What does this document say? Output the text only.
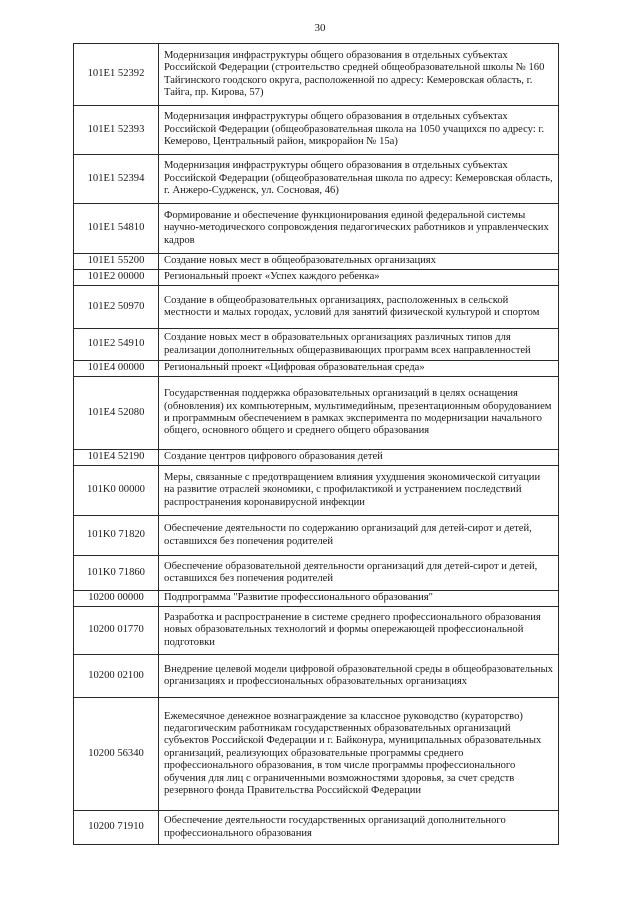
30
101E1 52392	Модернизация инфраструктуры общего образования в отдельных субъектах Российской Федерации (строительство средней общеобразовательной школы № 160 Тайгинского гоодского округа, расположенной по адресу: Кемеровская область, г. Тайга, пр. Кирова, 57)
101E1 52393	Модернизация инфраструктуры общего образования в отдельных субъектах Российской Федерации (общеобразовательная школа на 1050 учащихся по адресу: г. Кемерово, Центральный район, микрорайон № 15а)
101E1 52394	Модернизация инфраструктуры общего образования в отдельных субъектах Российской Федерации (общеобразовательная школа по адресу: Кемеровская область, г. Анжеро-Судженск, ул. Сосновая, 46)
101E1 54810	Формирование и обеспечение функционирования единой федеральной системы научно-методического сопровождения педагогических работников и управленческих кадров
101E1 55200	Создание новых мест в общеобразовательных организациях
101E2 00000	Региональный проект «Успех каждого ребенка»
101E2 50970	Создание в общеобразовательных организациях, расположенных в сельской местности и малых городах, условий для занятий физической культурой и спортом
101E2 54910	Создание новых мест в образовательных организациях различных типов для реализации дополнительных общеразвивающих программ всех направленностей
101E4 00000	Региональный проект «Цифровая образовательная среда»
101E4 52080	Государственная поддержка образовательных организаций в целях оснащения (обновления) их компьютерным, мультимедийным, презентационным оборудованием и программным обеспечением в рамках эксперимента по модернизации начального общего, основного общего и среднего общего образования
101E4 52190	Создание центров цифрового образования детей
101K0 00000	Меры, связанные с предотвращением влияния ухудшения экономической ситуации на развитие отраслей экономики, с профилактикой и устранением последствий распространения коронавирусной инфекции
101K0 71820	Обеспечение деятельности по содержанию организаций для детей-сирот и детей, оставшихся без попечения родителей
101K0 71860	Обеспечение образовательной деятельности организаций для детей-сирот и детей, оставшихся без попечения родителей
10200 00000	Подпрограмма "Развитие профессионального образования"
10200 01770	Разработка и распространение в системе среднего профессионального образования новых образовательных технологий и формы опережающей профессиональной подготовки
10200 02100	Внедрение целевой модели цифровой образовательной среды в общеобразовательных организациях и профессиональных образовательных организациях
10200 56340	Ежемесячное денежное вознаграждение за классное руководство (кураторство) педагогическим работникам государственных образовательных организаций субъектов Российской Федерации и г. Байконура, муниципальных образовательных организаций, реализующих образовательные программы среднего профессионального образования, в том числе программы профессионального обучения для лиц с ограниченными возможностями здоровья, за счет средств резервного фонда Правительства Российской Федерации
10200 71910	Обеспечение деятельности государственных организаций дополнительного профессионального образования
